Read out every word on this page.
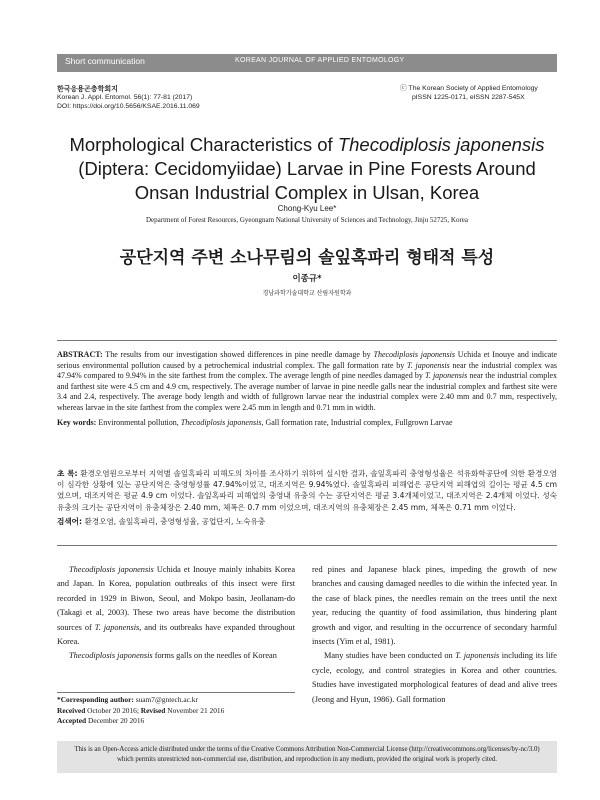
Short communication	KOREAN JOURNAL OF APPLIED ENTOMOLOGY
한국응용곤충학회지
Korean J. Appl. Entomol. 56(1): 77-81 (2017)
DOI: https://doi.org/10.5656/KSAE.2016.11.069
ⓒ The Korean Society of Applied Entomology
pISSN 1225-0171, eISSN 2287-545X
Morphological Characteristics of Thecodiplosis japonensis (Diptera: Cecidomyiidae) Larvae in Pine Forests Around Onsan Industrial Complex in Ulsan, Korea
Chong-Kyu Lee*
Department of Forest Resources, Gyeongnam National University of Sciences and Technology, Jinju 52725, Korea
공단지역 주변 소나무림의 솔잎혹파리 형태적 특성
이종규*
경남과학기술대학교 산림자원학과
ABSTRACT: The results from our investigation showed differences in pine needle damage by Thecodiplosis japonensis Uchida et Inouye and indicate serious environmental pollution caused by a petrochemical industrial complex. The gall formation rate by T. japonensis near the industrial complex was 47.94% compared to 9.94% in the site farthest from the complex. The average length of pine needles damaged by T. japonensis near the industrial complex and farthest site were 4.5 cm and 4.9 cm, respectively. The average number of larvae in pine needle galls near the industrial complex and farthest site were 3.4 and 2.4, respectively. The average body length and width of fullgrown larvae near the industrial complex were 2.40 mm and 0.7 mm, respectively, whereas larvae in the site farthest from the complex were 2.45 mm in length and 0.71 mm in width.
Key words: Environmental pollution, Thecodiplosis japonensis, Gall formation rate, Industrial complex, Fullgrown Larvae
초 록: 환경오염원으로부터 지역별 솔잎혹파리 피해도의 차이를 조사하기 위하여 실시한 결과, 솔잎혹파리 충영형성율은 석유화학공단에 의한 환경오염이 심각한 상황에 있는 공단지역은 충영형성률 47.94%이었고, 대조지역은 9.94%였다. 솔잎혹파리 피해엽은 공단지역 피해엽의 길이는 평균 4.5 cm 였으며, 대조지역은 평균 4.9 cm 이었다. 솔잎혹파리 피해엽의 충영내 유충의 수는 공단지역은 평균 3.4개체이었고, 대조지역은 2.4개체 이었다. 성숙유충의 크기는 공단지역이 유충체장은 2.40 mm, 체폭은 0.7 mm 이었으며, 대조지역의 유충체장은 2.45 mm, 체폭은 0.71 mm 이었다.
검색어: 환경오염, 솔잎혹파리, 충영형성율, 공업단지, 노숙유충

Thecodiplosis japonensis Uchida et Inouye mainly inhabits Korea and Japan. In Korea, population outbreaks of this insect were first recorded in 1929 in Biwon, Seoul, and Mokpo basin, Jeollanam-do (Takagi et al, 2003). These two areas have become the distribution sources of T. japonensis, and its outbreaks have expanded throughout Korea.

Thecodiplosis japonensis forms galls on the needles of Korean

*Corresponding author: suam7@gntech.ac.kr
Received October 20 2016; Revised November 21 2016
Accepted December 20 2016

red pines and Japanese black pines, impeding the growth of new branches and causing damaged needles to die within the infected year. In the case of black pines, the needles remain on the trees until the next year, reducing the quantity of food assimilation, thus hindering plant growth and vigor, and resulting in the occurrence of secondary harmful insects (Yim et al, 1981).

Many studies have been conducted on T. japonensis including its life cycle, ecology, and control strategies in Korea and other countries. Studies have investigated morphological features of dead and alive trees (Jeong and Hyun, 1986). Gall formation

This is an Open-Access article distributed under the terms of the Creative Commons Attribution Non-Commercial License (http://creativecommons.org/licenses/by-nc/3.0)
which permits unrestricted non-commercial use, distribution, and reproduction in any medium, provided the original work is properly cited.
